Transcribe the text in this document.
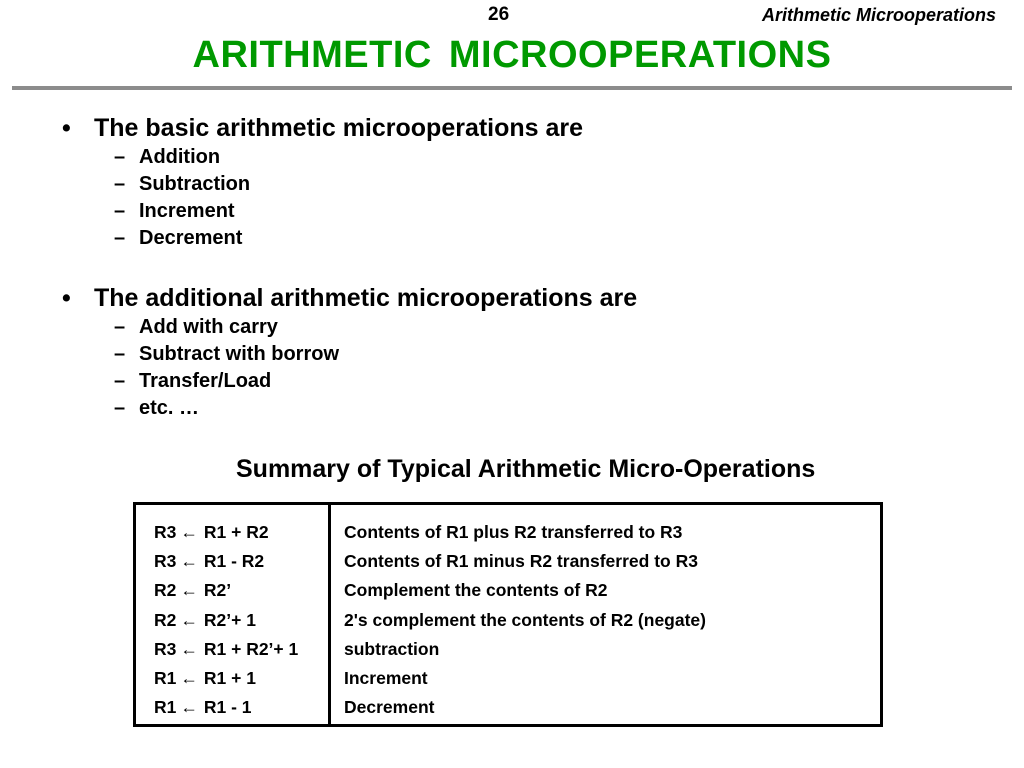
26	Arithmetic Microoperations
ARITHMETIC MICROOPERATIONS
• The basic arithmetic microoperations are
– Addition
– Subtraction
– Increment
– Decrement
• The additional arithmetic microoperations are
– Add with carry
– Subtract with borrow
– Transfer/Load
– etc. …
Summary of Typical Arithmetic Micro-Operations
R3 ← R1 + R2
R3 ← R1 - R2
R2 ← R2’
R2 ← R2’+ 1
R3 ← R1 + R2’+ 1
R1 ← R1 + 1
R1 ← R1 - 1
Contents of R1 plus R2 transferred to R3
Contents of R1 minus R2 transferred to R3
Complement the contents of R2
2's complement the contents of R2 (negate)
subtraction
Increment
Decrement
